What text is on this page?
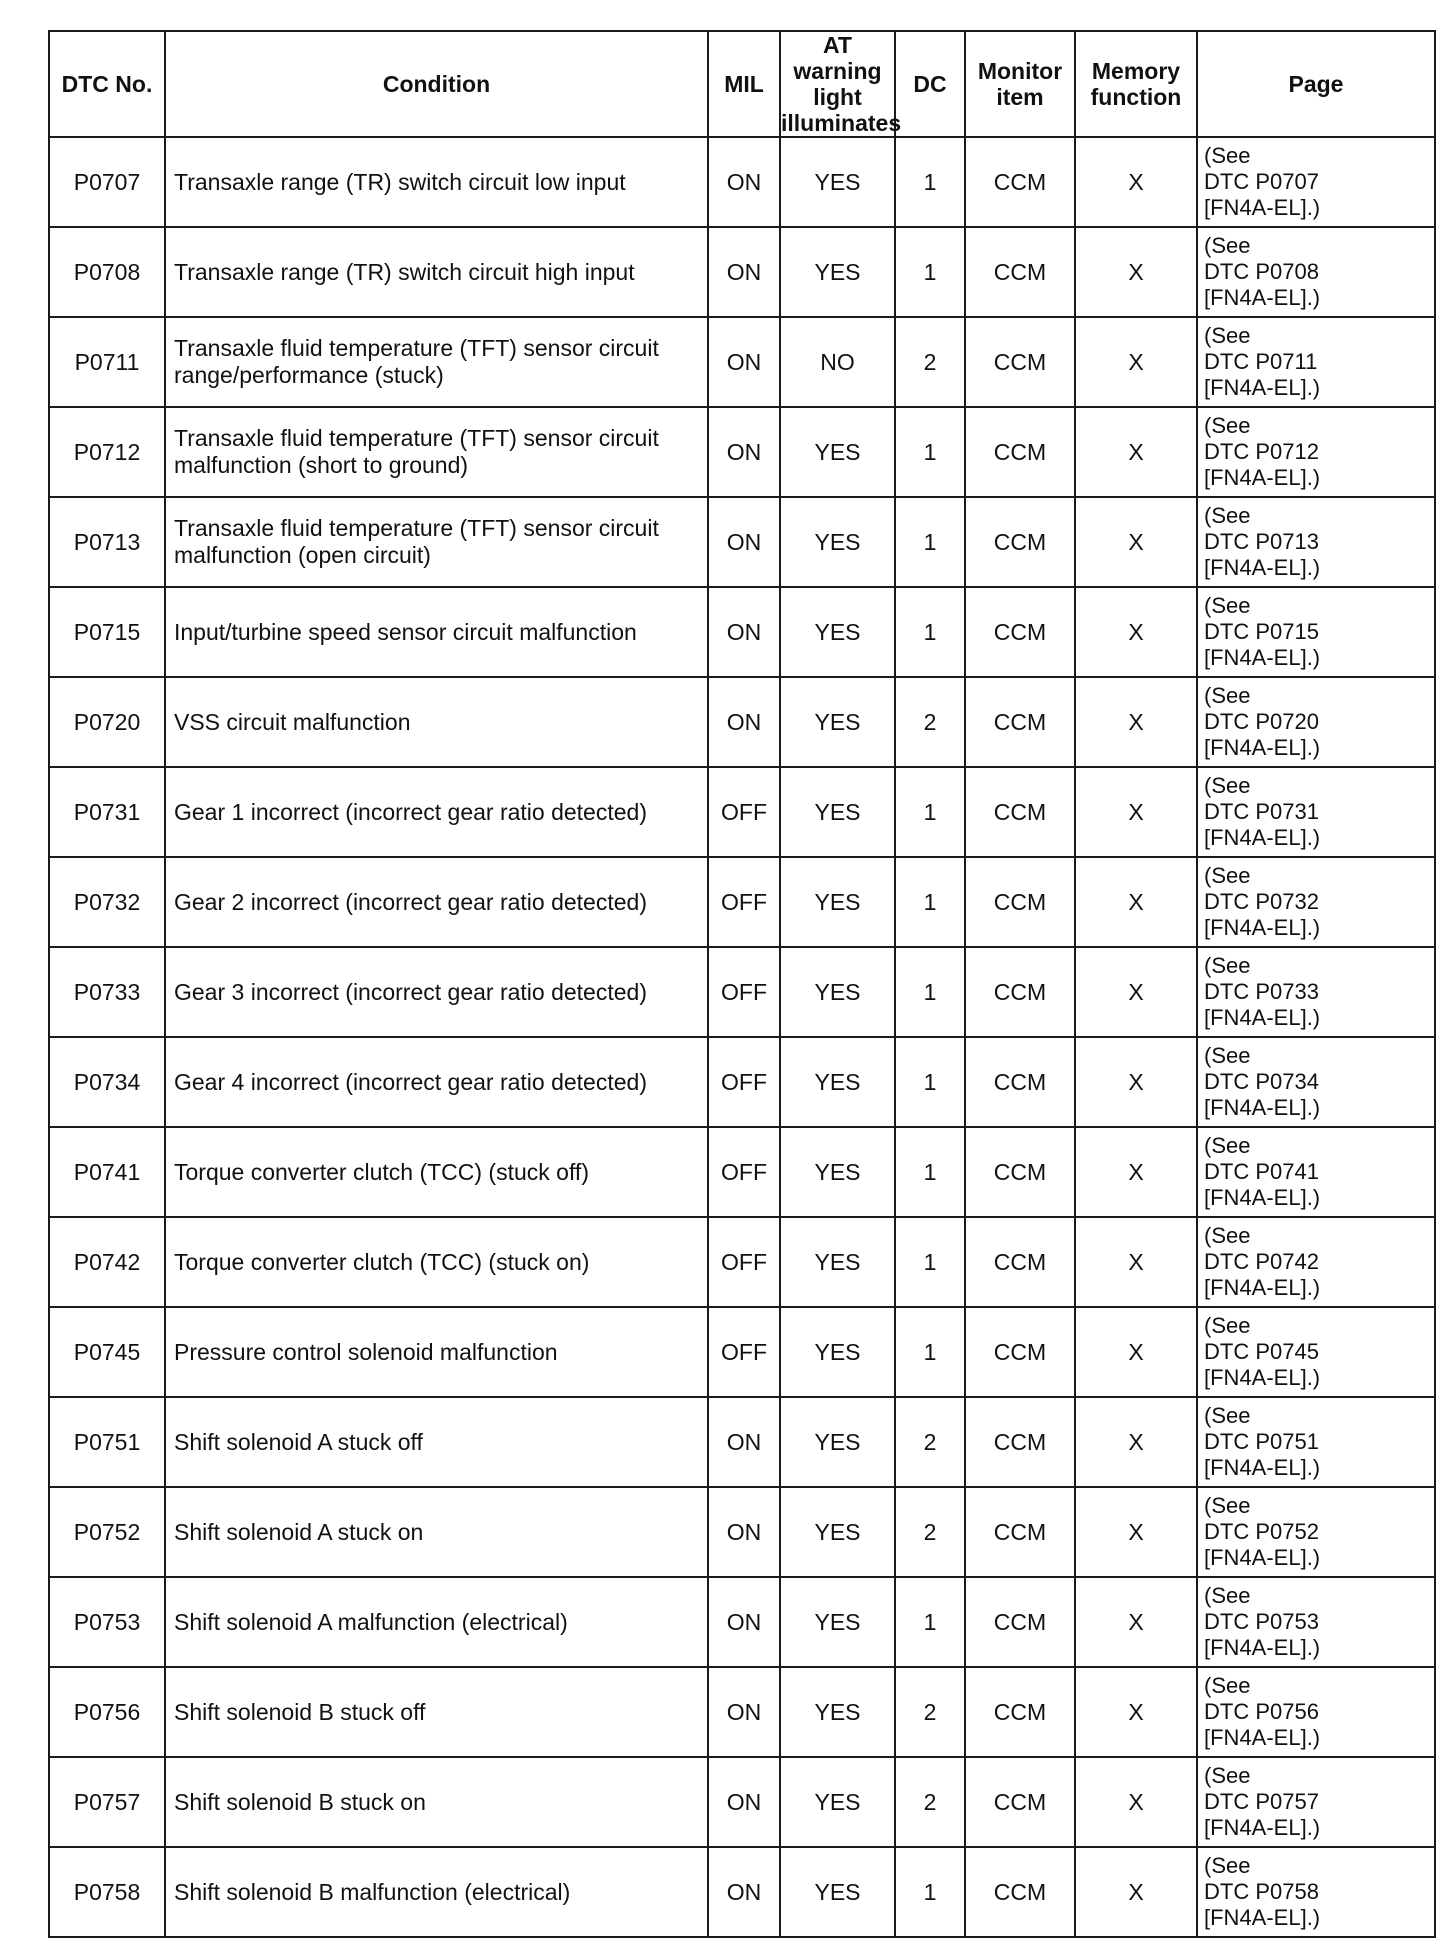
DTC No.	Condition	MIL	AT warning light illuminates	DC	Monitor item	Memory function	Page
P0707	Transaxle range (TR) switch circuit low input	ON	YES	1	CCM	X	(See
DTC P0707
[FN4A-EL].)

P0708	Transaxle range (TR) switch circuit high input	ON	YES	1	CCM	X	(See
DTC P0708
[FN4A-EL].)

P0711	Transaxle fluid temperature (TFT) sensor circuit range/performance (stuck)	ON	NO	2	CCM	X	(See
DTC P0711
[FN4A-EL].)

P0712	Transaxle fluid temperature (TFT) sensor circuit malfunction (short to ground)	ON	YES	1	CCM	X	(See
DTC P0712
[FN4A-EL].)

P0713	Transaxle fluid temperature (TFT) sensor circuit malfunction (open circuit)	ON	YES	1	CCM	X	(See
DTC P0713
[FN4A-EL].)

P0715	Input/turbine speed sensor circuit malfunction	ON	YES	1	CCM	X	(See
DTC P0715
[FN4A-EL].)

P0720	VSS circuit malfunction	ON	YES	2	CCM	X	(See
DTC P0720
[FN4A-EL].)

P0731	Gear 1 incorrect (incorrect gear ratio detected)	OFF	YES	1	CCM	X	(See
DTC P0731
[FN4A-EL].)

P0732	Gear 2 incorrect (incorrect gear ratio detected)	OFF	YES	1	CCM	X	(See
DTC P0732
[FN4A-EL].)

P0733	Gear 3 incorrect (incorrect gear ratio detected)	OFF	YES	1	CCM	X	(See
DTC P0733
[FN4A-EL].)

P0734	Gear 4 incorrect (incorrect gear ratio detected)	OFF	YES	1	CCM	X	(See
DTC P0734
[FN4A-EL].)

P0741	Torque converter clutch (TCC) (stuck off)	OFF	YES	1	CCM	X	(See
DTC P0741
[FN4A-EL].)

P0742	Torque converter clutch (TCC) (stuck on)	OFF	YES	1	CCM	X	(See
DTC P0742
[FN4A-EL].)

P0745	Pressure control solenoid malfunction	OFF	YES	1	CCM	X	(See
DTC P0745
[FN4A-EL].)

P0751	Shift solenoid A stuck off	ON	YES	2	CCM	X	(See
DTC P0751
[FN4A-EL].)

P0752	Shift solenoid A stuck on	ON	YES	2	CCM	X	(See
DTC P0752
[FN4A-EL].)

P0753	Shift solenoid A malfunction (electrical)	ON	YES	1	CCM	X	(See
DTC P0753
[FN4A-EL].)

P0756	Shift solenoid B stuck off	ON	YES	2	CCM	X	(See
DTC P0756
[FN4A-EL].)

P0757	Shift solenoid B stuck on	ON	YES	2	CCM	X	(See
DTC P0757
[FN4A-EL].)

P0758	Shift solenoid B malfunction (electrical)	ON	YES	1	CCM	X	(See
DTC P0758
[FN4A-EL].)
